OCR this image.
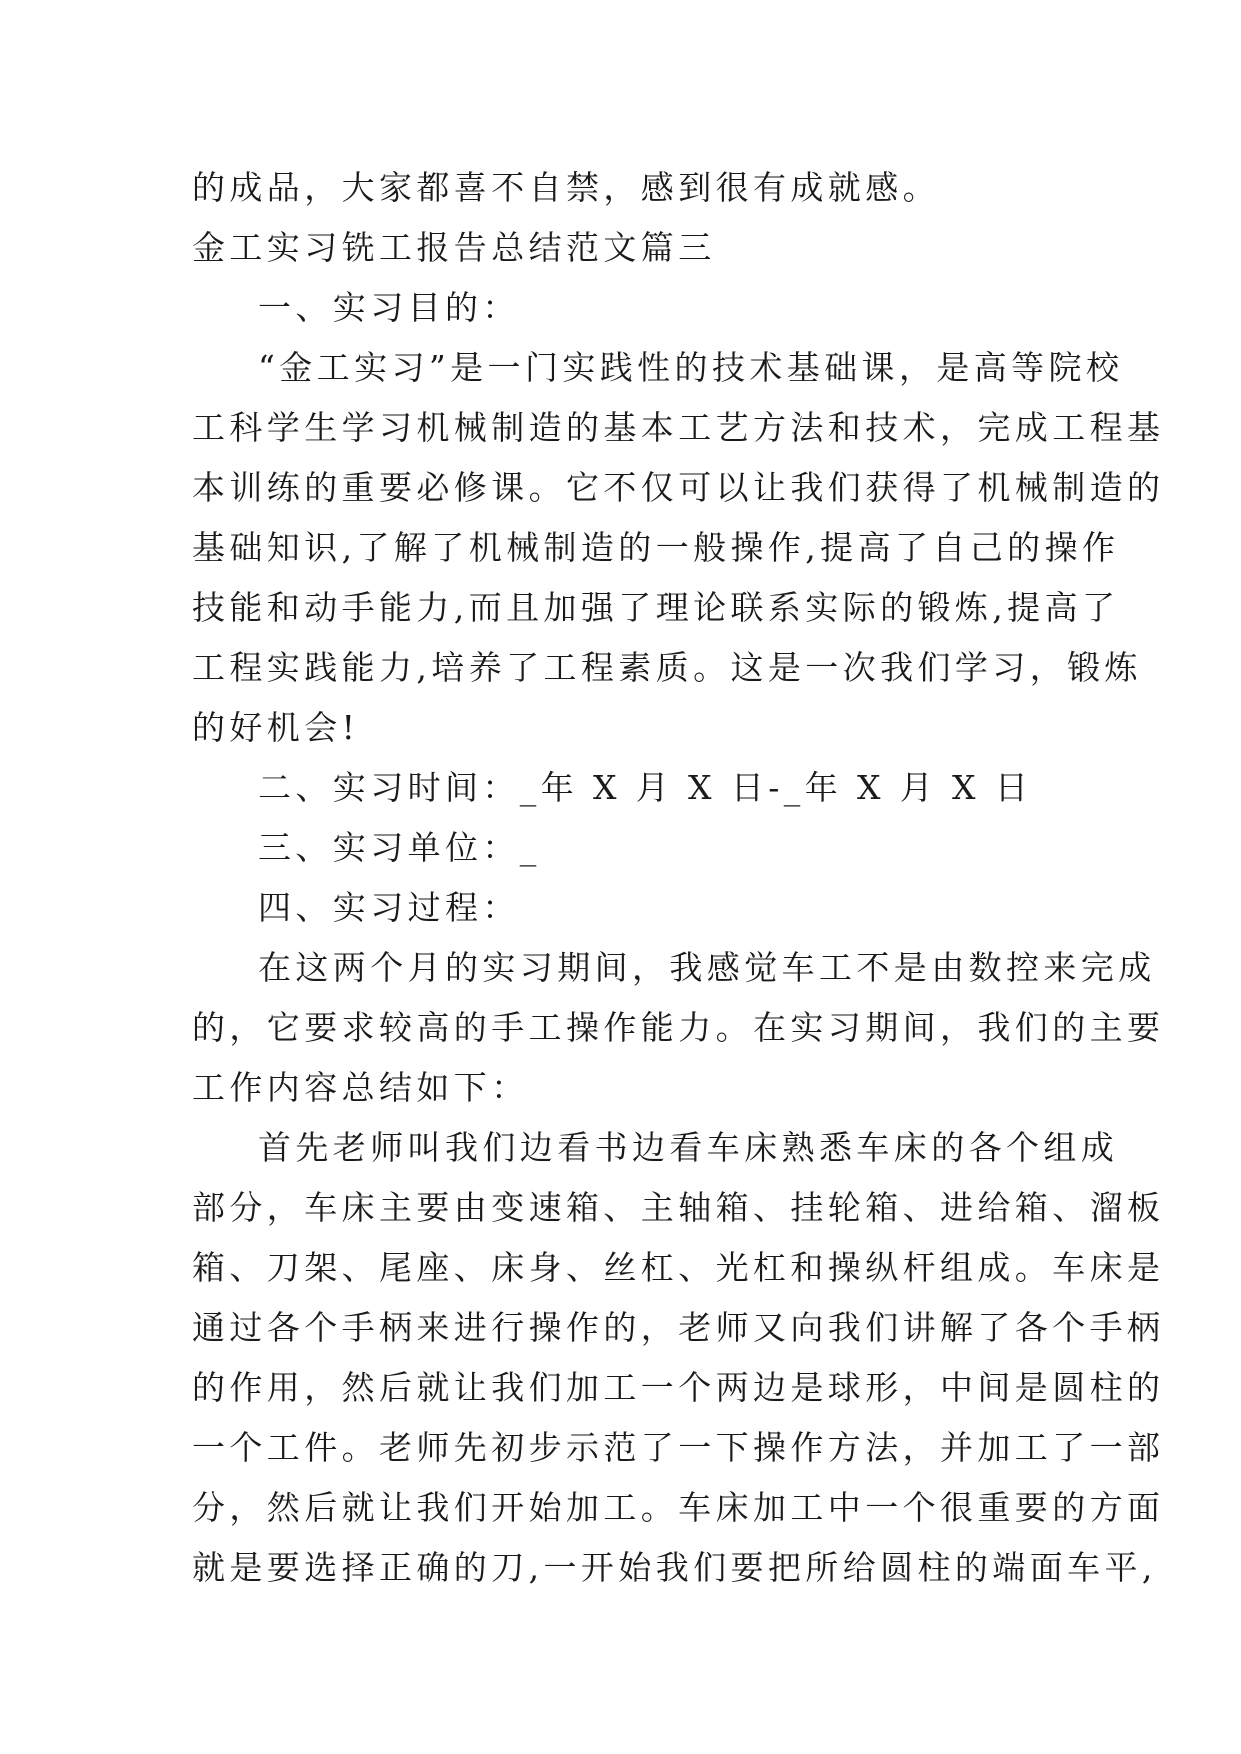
的成品，大家都喜不自禁，感到很有成就感。
金工实习铣工报告总结范文篇三
一、实习目的：
“金工实习”是一门实践性的技术基础课，是高等院校
工科学生学习机械制造的基本工艺方法和技术，完成工程基
本训练的重要必修课。它不仅可以让我们获得了机械制造的
基础知识,了解了机械制造的一般操作,提高了自己的操作
技能和动手能力,而且加强了理论联系实际的锻炼,提高了
工程实践能力,培养了工程素质。这是一次我们学习，锻炼
的好机会!
二、实习时间：_年 X 月 X 日-_年 X 月 X 日
三、实习单位：_
四、实习过程：
在这两个月的实习期间，我感觉车工不是由数控来完成
的，它要求较高的手工操作能力。在实习期间，我们的主要
工作内容总结如下：
首先老师叫我们边看书边看车床熟悉车床的各个组成
部分，车床主要由变速箱、主轴箱、挂轮箱、进给箱、溜板
箱、刀架、尾座、床身、丝杠、光杠和操纵杆组成。车床是
通过各个手柄来进行操作的，老师又向我们讲解了各个手柄
的作用，然后就让我们加工一个两边是球形，中间是圆柱的
一个工件。老师先初步示范了一下操作方法，并加工了一部
分，然后就让我们开始加工。车床加工中一个很重要的方面
就是要选择正确的刀,一开始我们要把所给圆柱的端面车平,
